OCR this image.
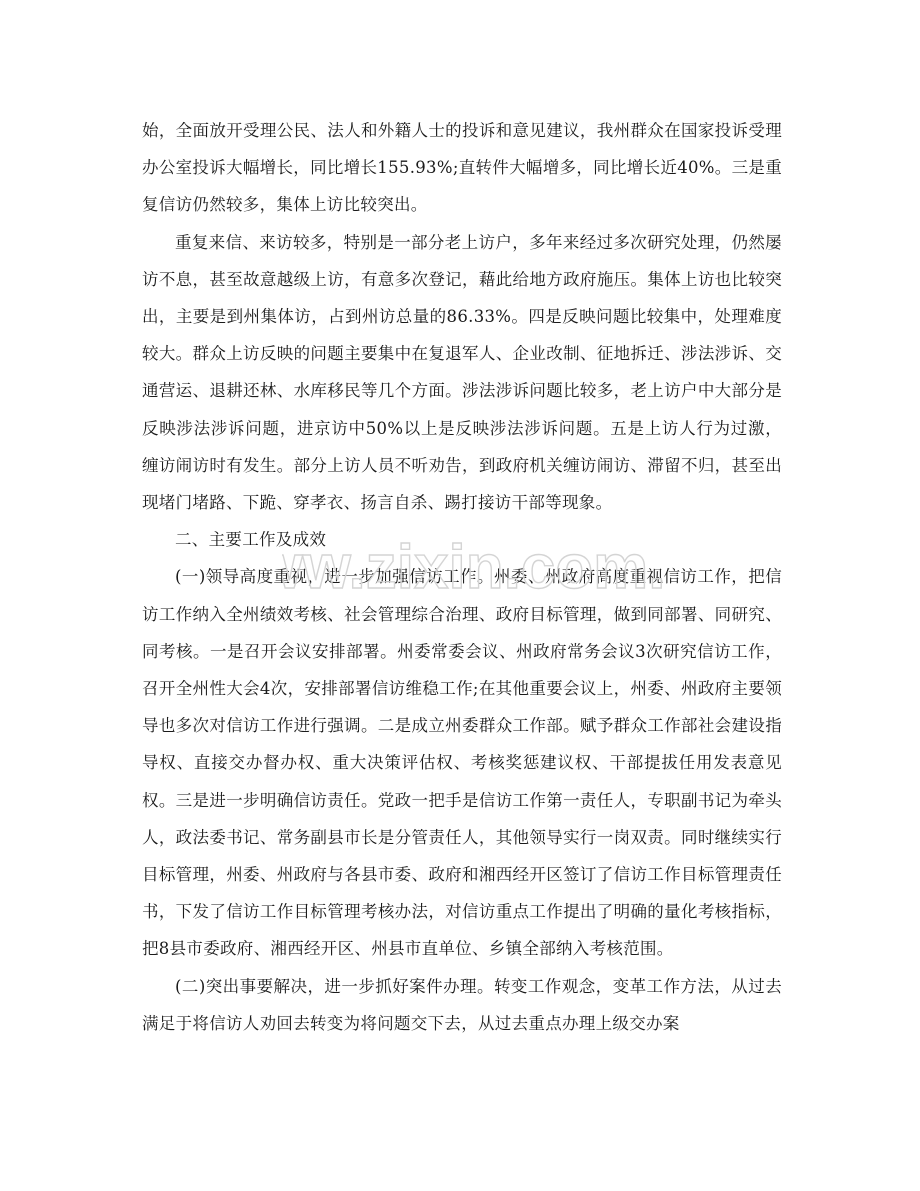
始，全面放开受理公民、法人和外籍人士的投诉和意见建议，我州群众在国家投诉受理办公室投诉大幅增长，同比增长155.93%;直转件大幅增多，同比增长近40%。三是重复信访仍然较多，集体上访比较突出。

重复来信、来访较多，特别是一部分老上访户，多年来经过多次研究处理，仍然屡访不息，甚至故意越级上访，有意多次登记，藉此给地方政府施压。集体上访也比较突出，主要是到州集体访，占到州访总量的86.33%。四是反映问题比较集中，处理难度较大。群众上访反映的问题主要集中在复退军人、企业改制、征地拆迁、涉法涉诉、交通营运、退耕还林、水库移民等几个方面。涉法涉诉问题比较多，老上访户中大部分是反映涉法涉诉问题，进京访中50%以上是反映涉法涉诉问题。五是上访人行为过激，缠访闹访时有发生。部分上访人员不听劝告，到政府机关缠访闹访、滞留不归，甚至出现堵门堵路、下跪、穿孝衣、扬言自杀、踢打接访干部等现象。

二、主要工作及成效

(一)领导高度重视，进一步加强信访工作。州委、州政府高度重视信访工作，把信访工作纳入全州绩效考核、社会管理综合治理、政府目标管理，做到同部署、同研究、同考核。一是召开会议安排部署。州委常委会议、州政府常务会议3次研究信访工作，召开全州性大会4次，安排部署信访维稳工作;在其他重要会议上，州委、州政府主要领导也多次对信访工作进行强调。二是成立州委群众工作部。赋予群众工作部社会建设指导权、直接交办督办权、重大决策评估权、考核奖惩建议权、干部提拔任用发表意见权。三是进一步明确信访责任。党政一把手是信访工作第一责任人，专职副书记为牵头人，政法委书记、常务副县市长是分管责任人，其他领导实行一岗双责。同时继续实行目标管理，州委、州政府与各县市委、政府和湘西经开区签订了信访工作目标管理责任书，下发了信访工作目标管理考核办法，对信访重点工作提出了明确的量化考核指标，把8县市委政府、湘西经开区、州县市直单位、乡镇全部纳入考核范围。

(二)突出事要解决，进一步抓好案件办理。转变工作观念，变革工作方法，从过去满足于将信访人劝回去转变为将问题交下去，从过去重点办理上级交办案

w.zixin.com.
